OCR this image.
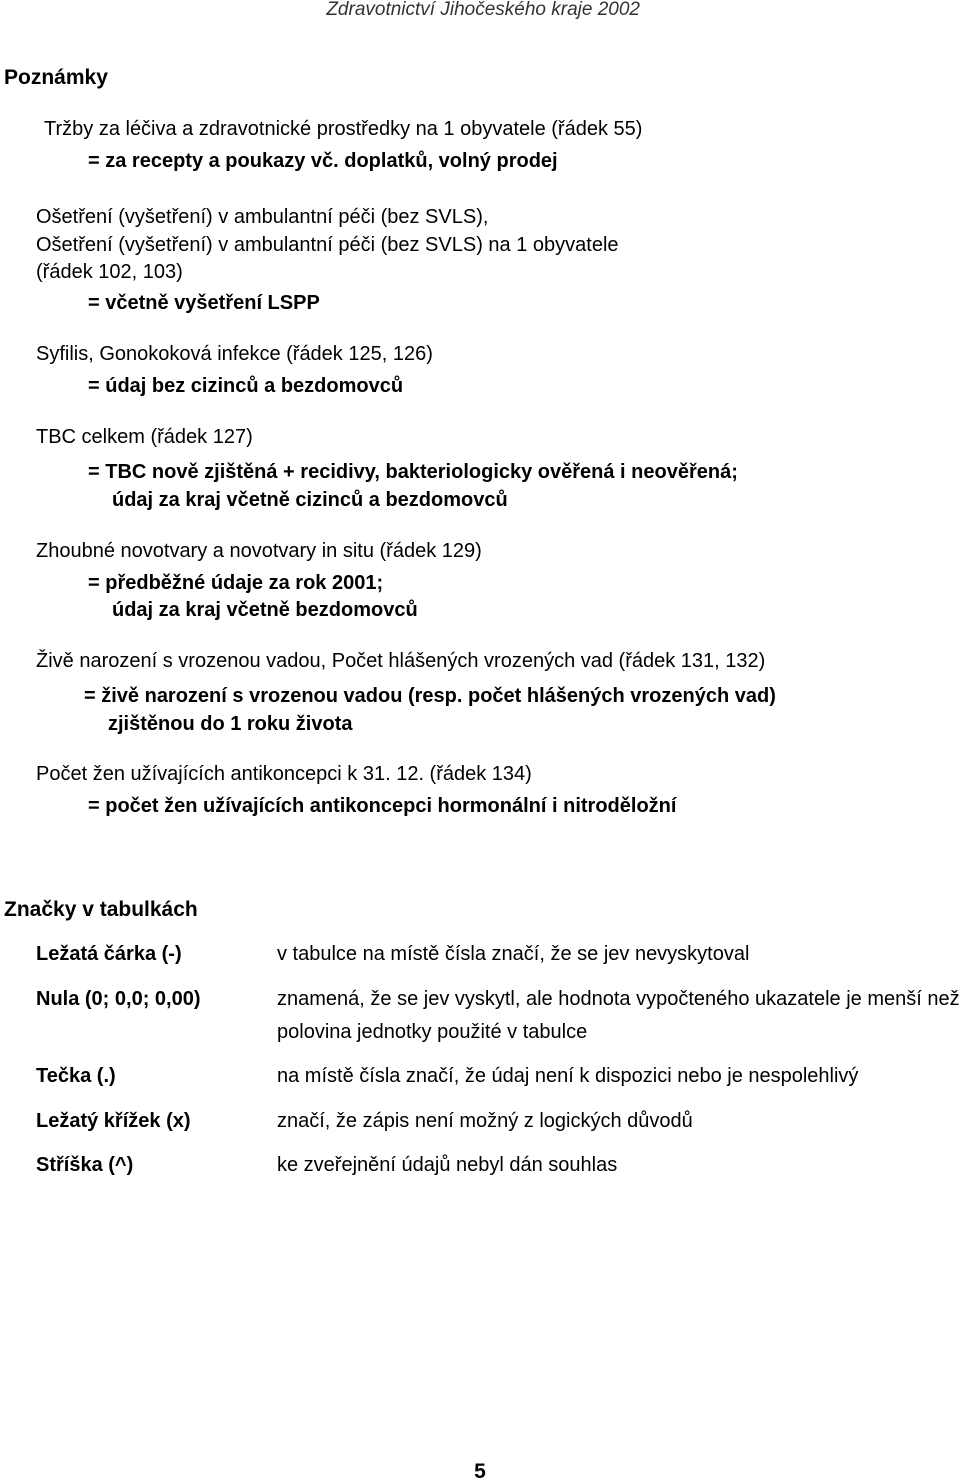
Zdravotnictví Jihočeského kraje 2002
Poznámky
Tržby za léčiva a zdravotnické prostředky na 1 obyvatele (řádek 55)
= za recepty a poukazy vč. doplatků, volný prodej
Ošetření (vyšetření) v ambulantní péči (bez SVLS),
Ošetření (vyšetření) v ambulantní péči (bez SVLS) na 1 obyvatele
(řádek 102, 103)
= včetně vyšetření LSPP
Syfilis, Gonokoková infekce (řádek 125, 126)
= údaj bez cizinců a bezdomovců
TBC celkem (řádek 127)
= TBC nově zjištěná + recidivy, bakteriologicky ověřená i neověřená;
údaj za kraj včetně cizinců a bezdomovců
Zhoubné novotvary a novotvary in situ (řádek 129)
= předběžné údaje za rok 2001;
údaj za kraj včetně bezdomovců
Živě narození s vrozenou vadou, Počet hlášených vrozených vad (řádek 131, 132)
= živě narození s vrozenou vadou (resp. počet hlášených vrozených vad)
zjištěnou do 1 roku života
Počet žen užívajících antikoncepci k 31. 12. (řádek 134)
= počet žen užívajících antikoncepci hormonální i nitroděložní
Značky v tabulkách
Ležatá čárka (-)	v tabulce na místě čísla značí, že se jev nevyskytoval
Nula (0; 0,0; 0,00)	znamená, že se jev vyskytl, ale hodnota vypočteného ukazatele je menší než polovina jednotky použité v tabulce
Tečka (.)	na místě čísla značí, že údaj není k dispozici nebo je nespolehlivý
Ležatý křížek (x)	značí, že zápis není možný z logických důvodů
Stříška (^)	ke zveřejnění údajů nebyl dán souhlas
5
